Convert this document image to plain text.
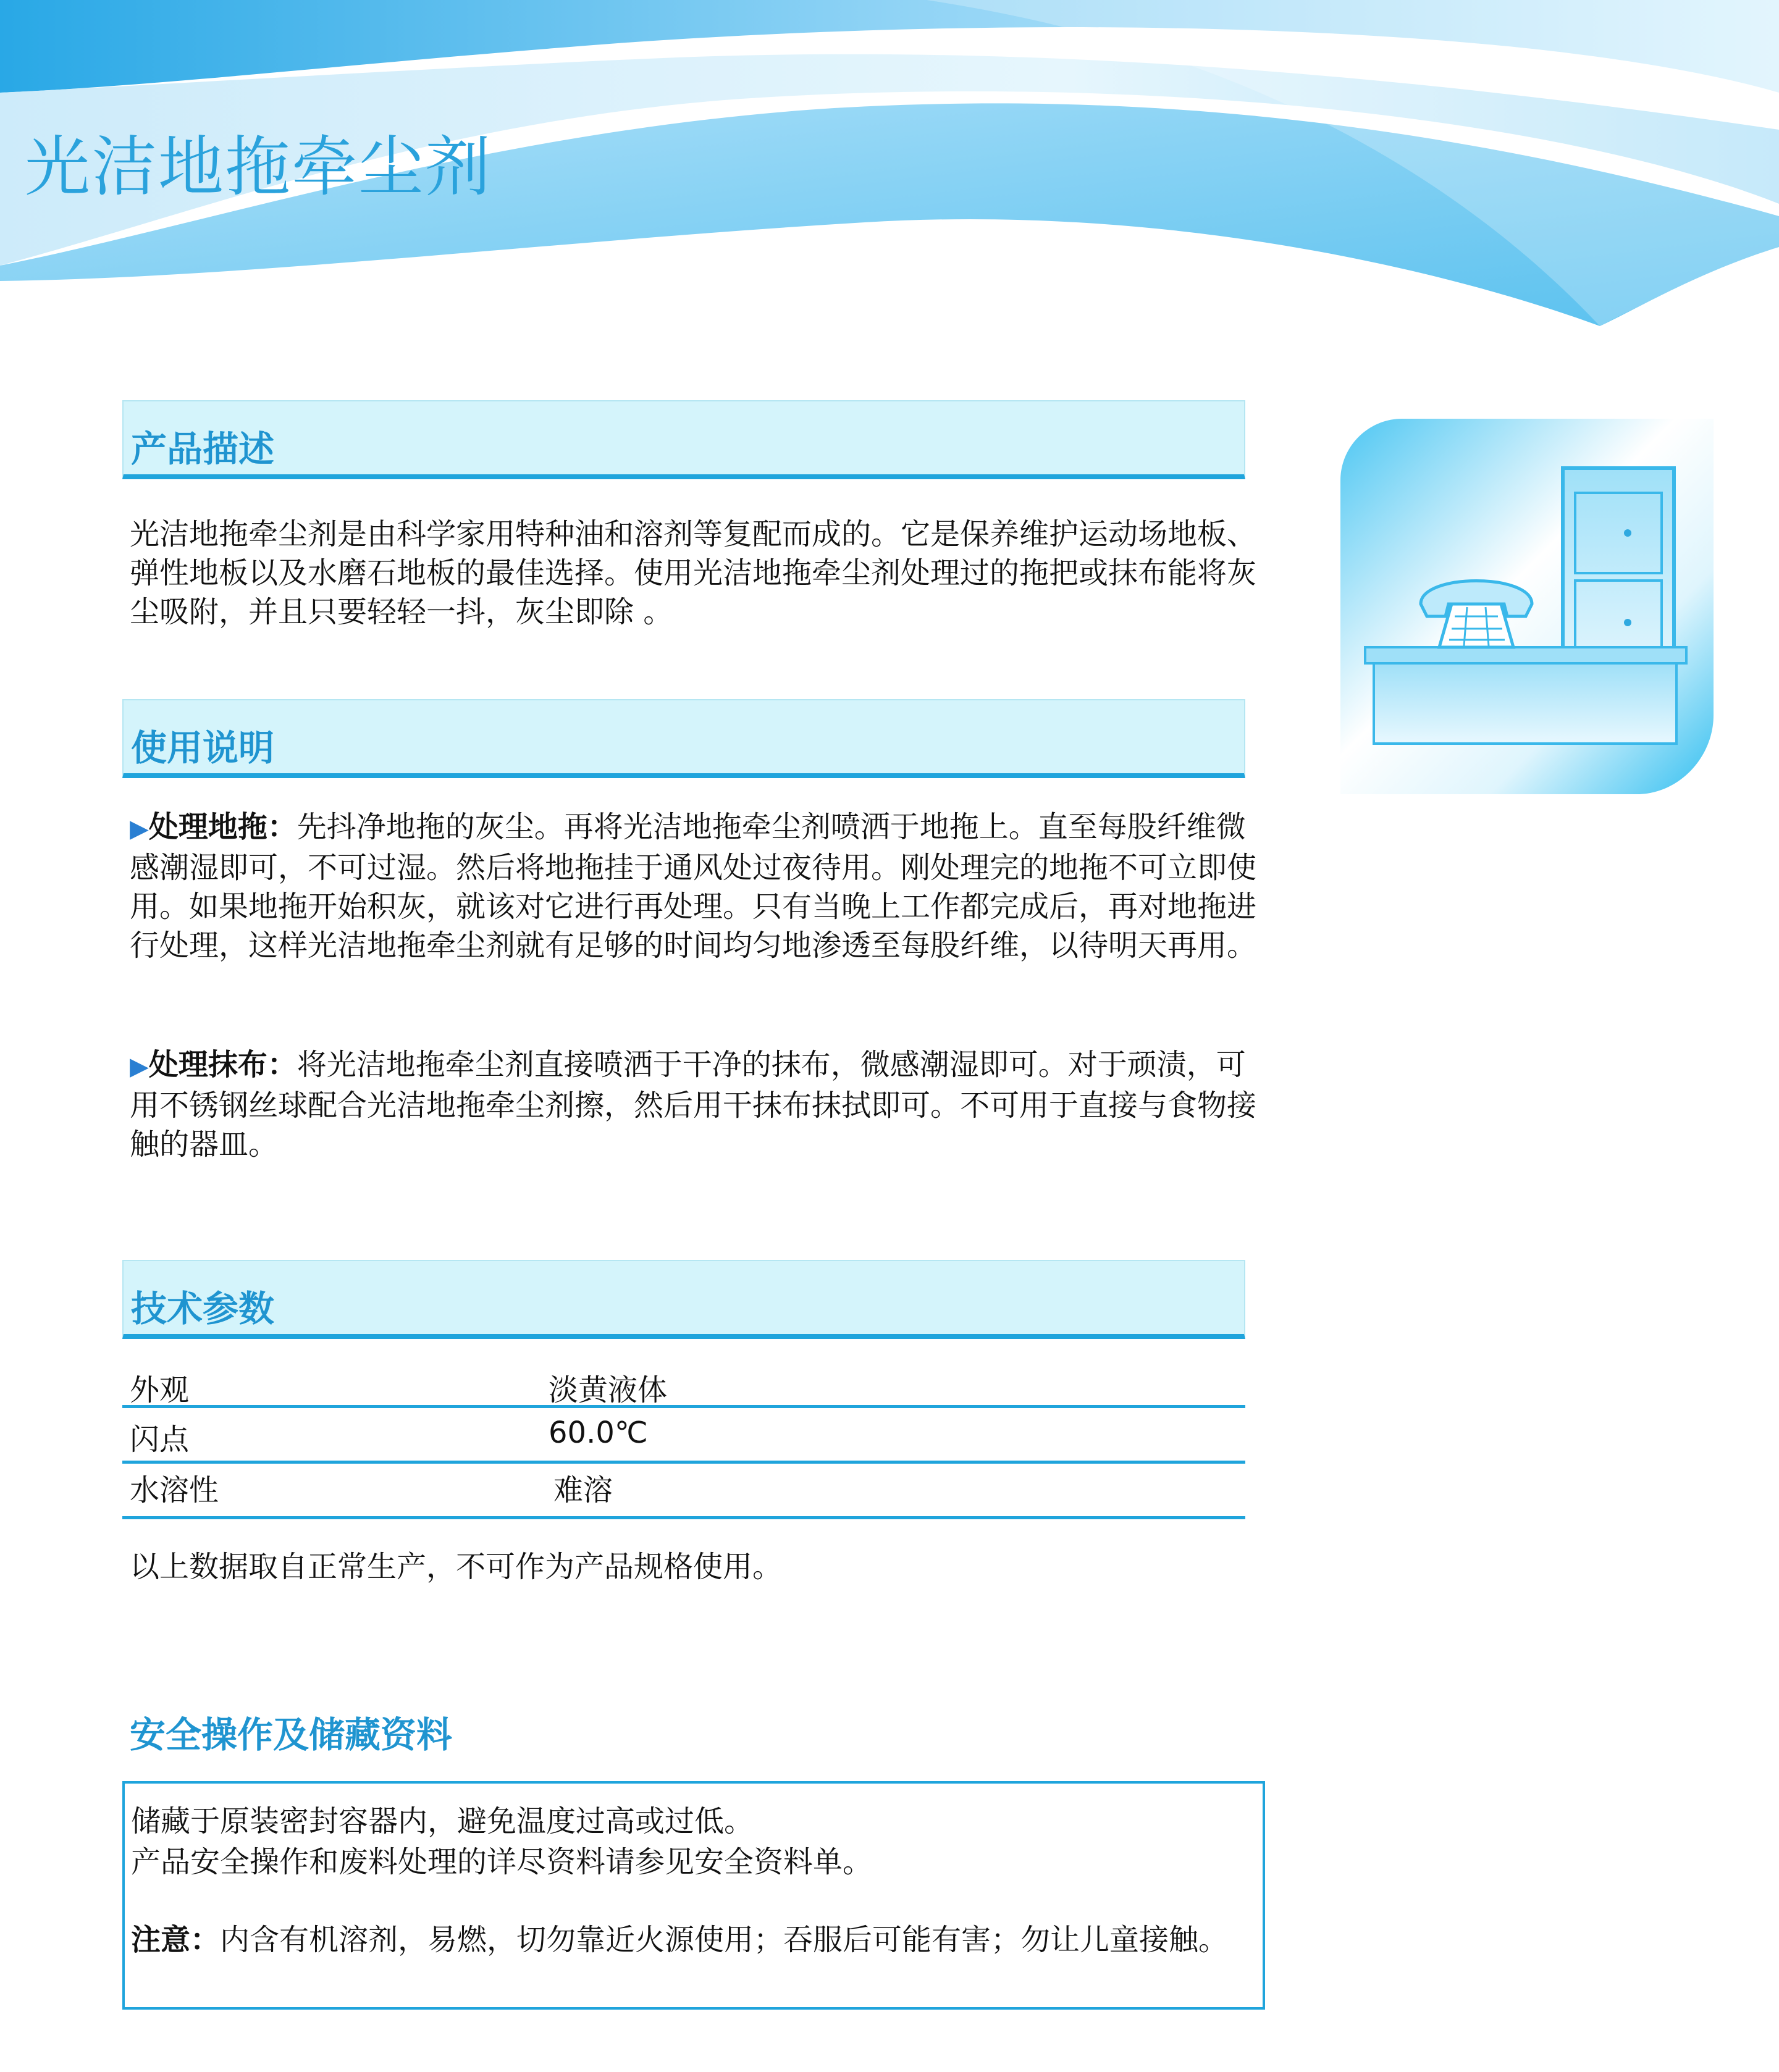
光洁地拖牵尘剂
产品描述

光洁地拖牵尘剂是由科学家用特种油和溶剂等复配而成的。它是保养维护运动场地板、弹性地板以及水磨石地板的最佳选择。使用光洁地拖牵尘剂处理过的拖把或抹布能将灰尘吸附，并且只要轻轻一抖，灰尘即除 。

使用说明

▶处理地拖：先抖净地拖的灰尘。再将光洁地拖牵尘剂喷洒于地拖上。直至每股纤维微感潮湿即可，不可过湿。然后将地拖挂于通风处过夜待用。刚处理完的地拖不可立即使用。如果地拖开始积灰，就该对它进行再处理。只有当晚上工作都完成后，再对地拖进行处理，这样光洁地拖牵尘剂就有足够的时间均匀地渗透至每股纤维，以待明天再用。

▶处理抹布：将光洁地拖牵尘剂直接喷洒于干净的抹布，微感潮湿即可。对于顽渍，可用不锈钢丝球配合光洁地拖牵尘剂擦，然后用干抹布抹拭即可。不可用于直接与食物接触的器皿。

技术参数
外观	淡黄液体
闪点	60.0℃
水溶性	难溶

以上数据取自正常生产，不可作为产品规格使用。

安全操作及储藏资料

储藏于原装密封容器内，避免温度过高或过低。

产品安全操作和废料处理的详尽资料请参见安全资料单。

注意：内含有机溶剂，易燃，切勿靠近火源使用；吞服后可能有害；勿让儿童接触。
